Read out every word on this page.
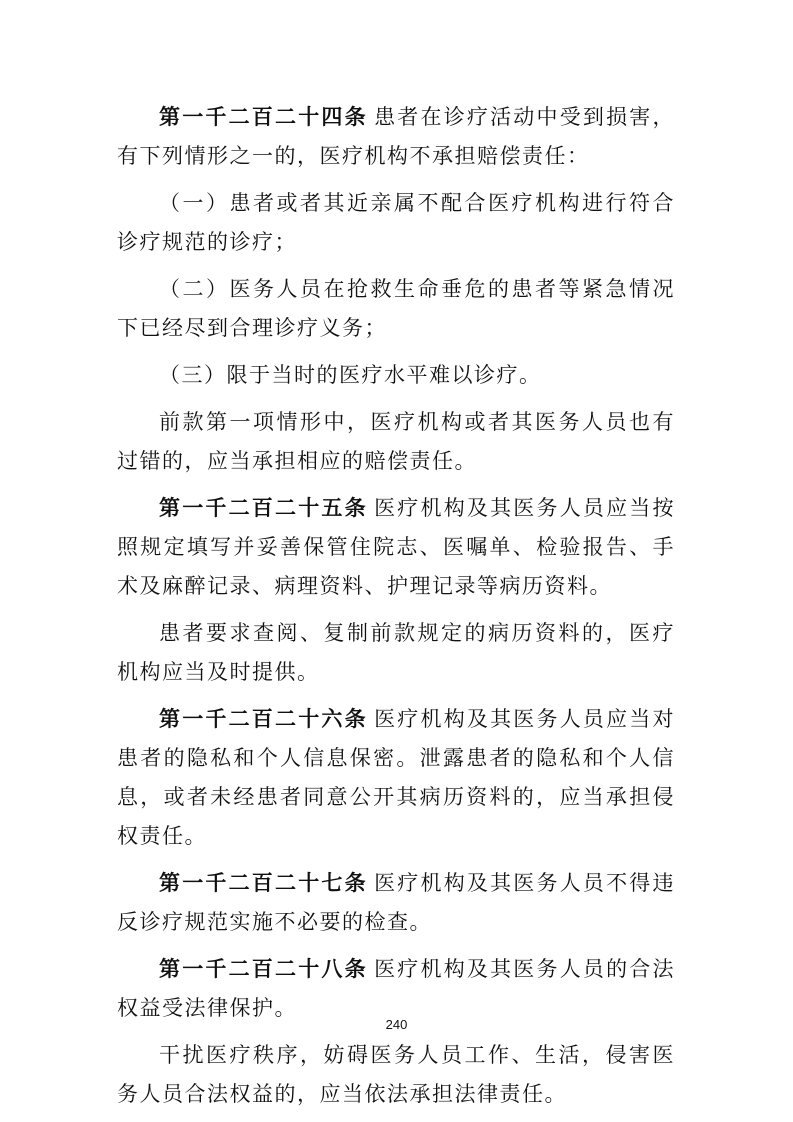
第一千二百二十四条 患者在诊疗活动中受到损害，有下列情形之一的，医疗机构不承担赔偿责任：

（一）患者或者其近亲属不配合医疗机构进行符合诊疗规范的诊疗；

（二）医务人员在抢救生命垂危的患者等紧急情况下已经尽到合理诊疗义务；

（三）限于当时的医疗水平难以诊疗。

前款第一项情形中，医疗机构或者其医务人员也有过错的，应当承担相应的赔偿责任。

第一千二百二十五条 医疗机构及其医务人员应当按照规定填写并妥善保管住院志、医嘱单、检验报告、手术及麻醉记录、病理资料、护理记录等病历资料。

患者要求查阅、复制前款规定的病历资料的，医疗机构应当及时提供。

第一千二百二十六条 医疗机构及其医务人员应当对患者的隐私和个人信息保密。泄露患者的隐私和个人信息，或者未经患者同意公开其病历资料的，应当承担侵权责任。

第一千二百二十七条 医疗机构及其医务人员不得违反诊疗规范实施不必要的检查。

第一千二百二十八条 医疗机构及其医务人员的合法权益受法律保护。

干扰医疗秩序，妨碍医务人员工作、生活，侵害医务人员合法权益的，应当依法承担法律责任。

240
